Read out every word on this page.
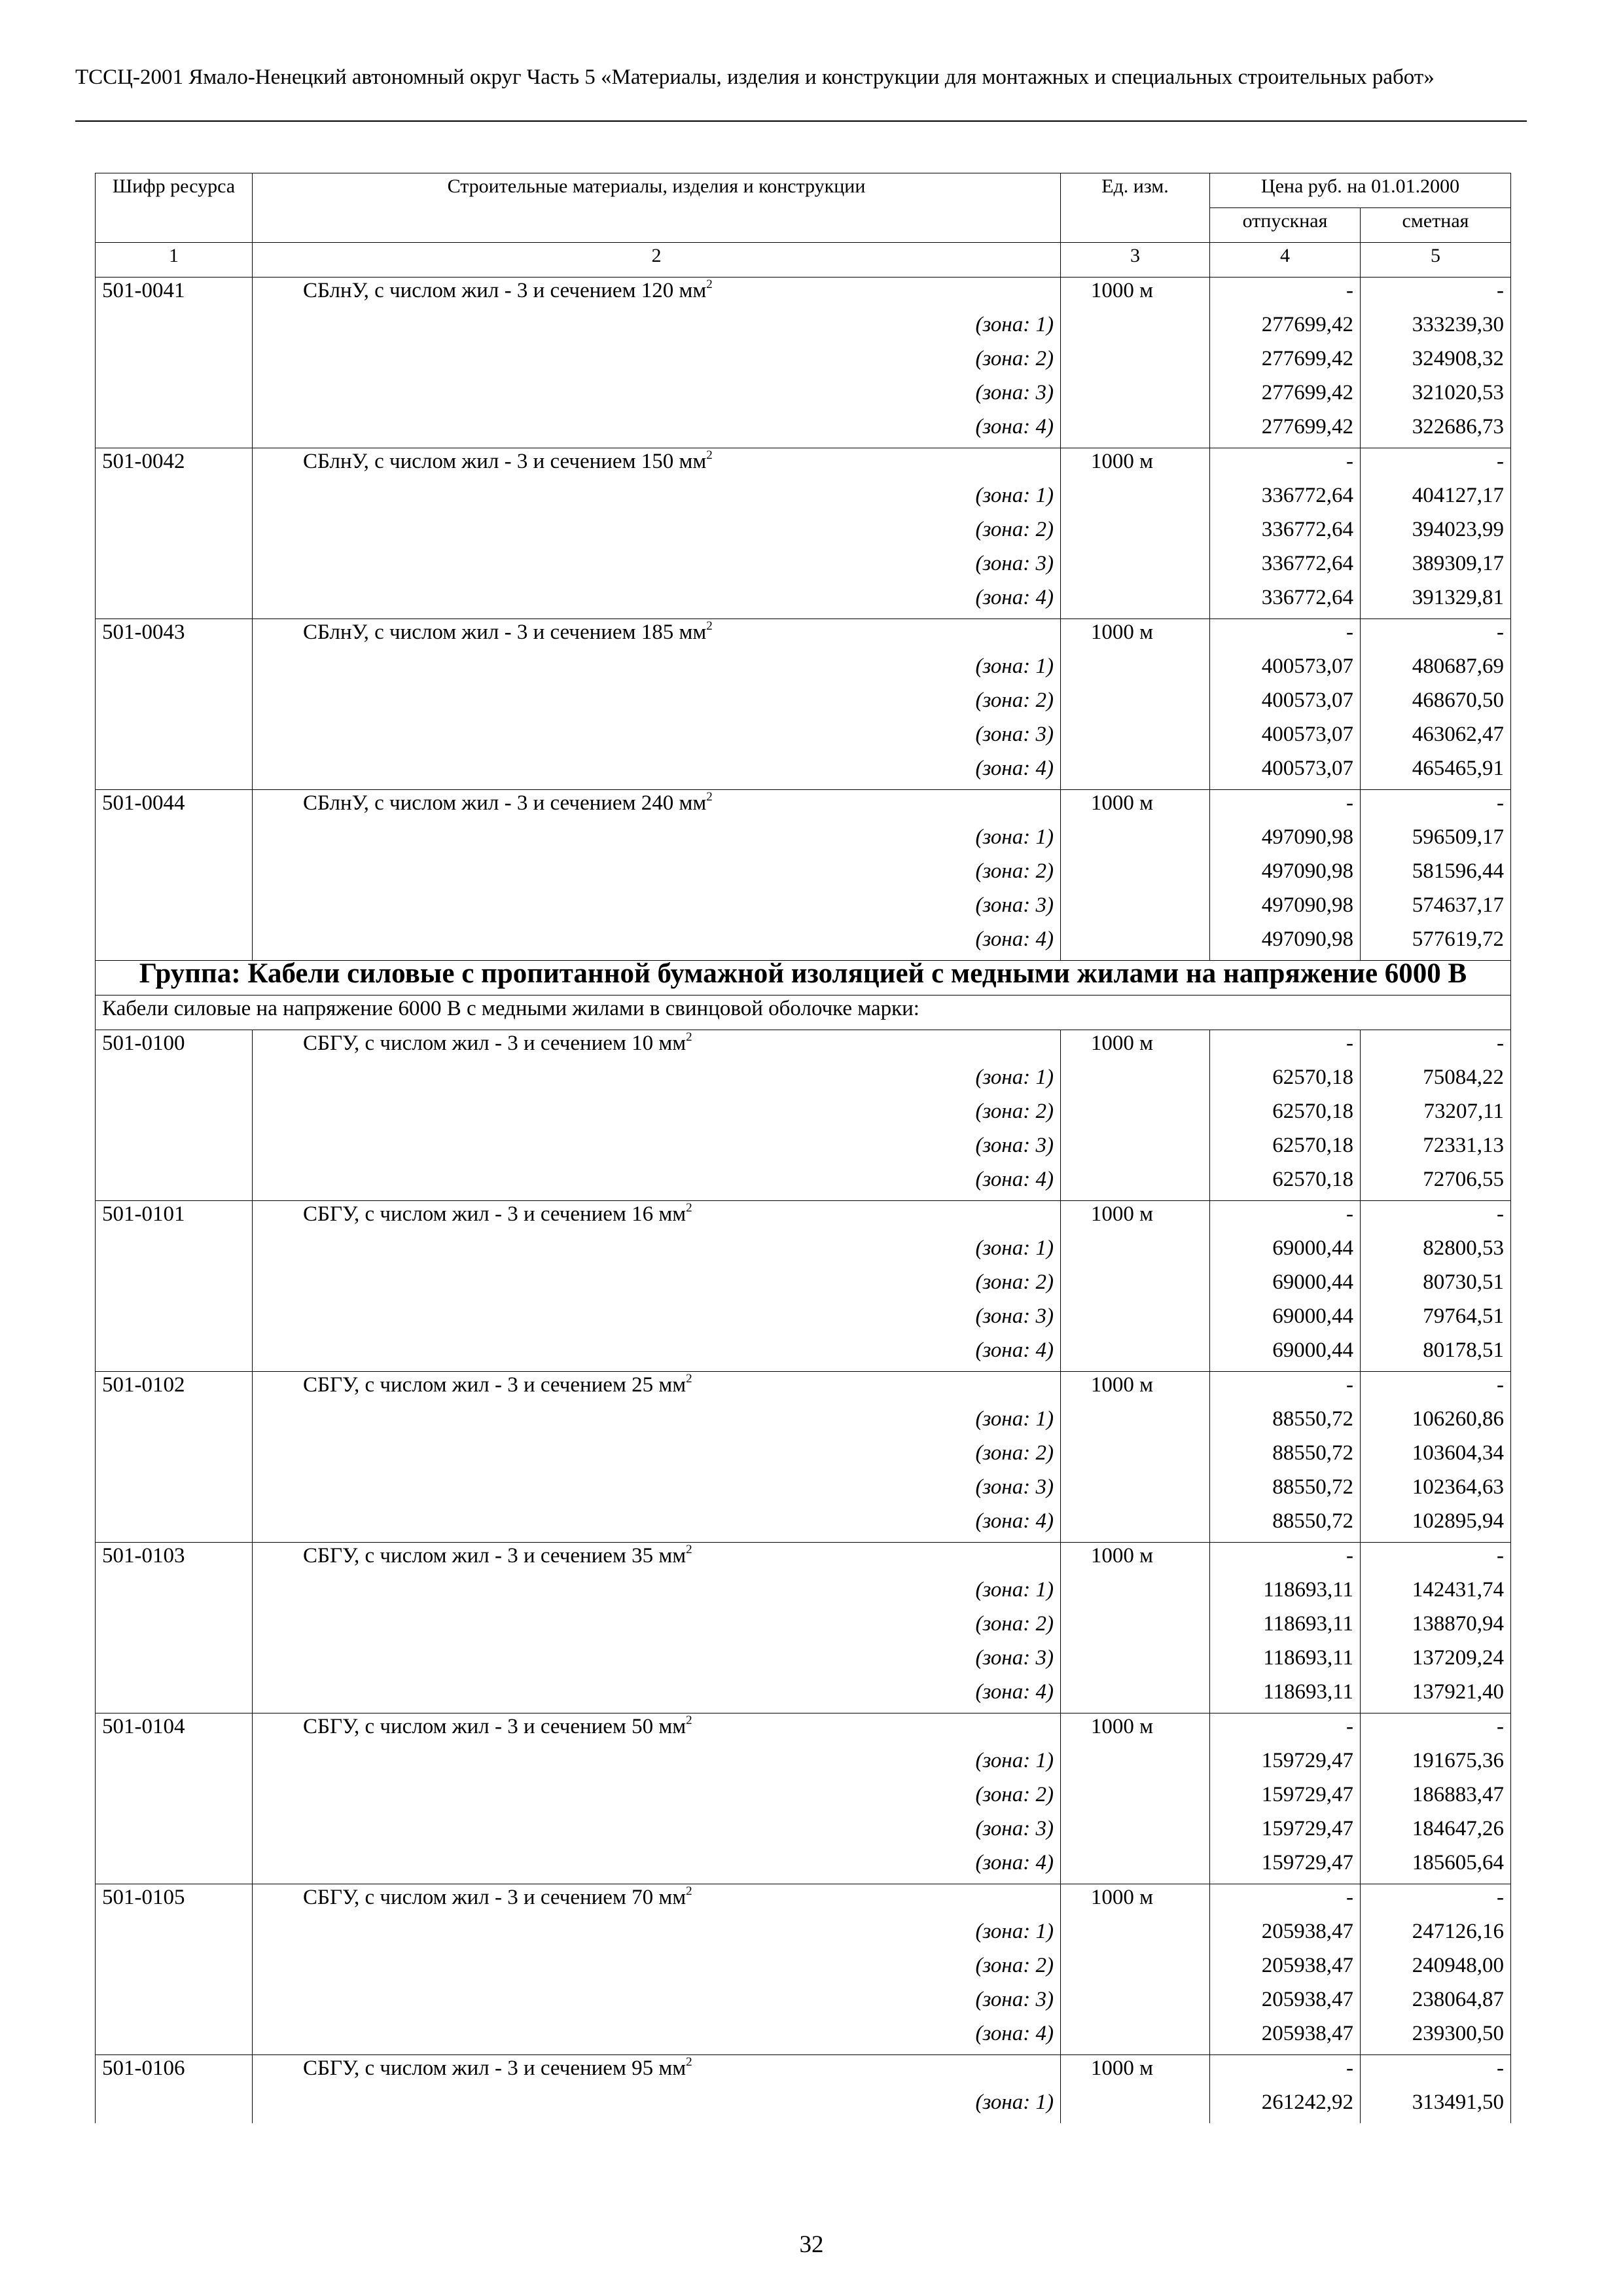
ТССЦ-2001 Ямало-Ненецкий автономный округ Часть 5 «Материалы, изделия и конструкции для монтажных и специальных строительных работ»
Шифр ресурса	Строительные материалы, изделия и конструкции	Ед. изм.	Цена руб. на 01.01.2000	
			отпускная	сметная
1	2	3	4	5
501-0041	СБлнУ, с числом жил - 3 и сечением 120 $мм^2$	1000 м	-	-
	(зона: 1)		277699,42	333239,30
	(зона: 2)		277699,42	324908,32
	(зона: 3)		277699,42	321020,53
	(зона: 4)		277699,42	322686,73
501-0042	СБлнУ, с числом жил - 3 и сечением 150 $мм^2$	1000 м	-	-
	(зона: 1)		336772,64	404127,17
	(зона: 2)		336772,64	394023,99
	(зона: 3)		336772,64	389309,17
	(зона: 4)		336772,64	391329,81
501-0043	СБлнУ, с числом жил - 3 и сечением 185 $мм^2$	1000 м	-	-
	(зона: 1)		400573,07	480687,69
	(зона: 2)		400573,07	468670,50
	(зона: 3)		400573,07	463062,47
	(зона: 4)		400573,07	465465,91
501-0044	СБлнУ, с числом жил - 3 и сечением 240 $мм^2$	1000 м	-	-
	(зона: 1)		497090,98	596509,17
	(зона: 2)		497090,98	581596,44
	(зона: 3)		497090,98	574637,17
	(зона: 4)		497090,98	577619,72
Группа: Кабели силовые с пропитанной бумажной изоляцией с медными жилами на напряжение 6000 В				
Кабели силовые на напряжение 6000 В с медными жилами в свинцовой оболочке марки:				
501-0100	СБГУ, с числом жил - 3 и сечением 10 $мм^2$	1000 м	-	-
	(зона: 1)		62570,18	75084,22
	(зона: 2)		62570,18	73207,11
	(зона: 3)		62570,18	72331,13
	(зона: 4)		62570,18	72706,55
501-0101	СБГУ, с числом жил - 3 и сечением 16 $мм^2$	1000 м	-	-
	(зона: 1)		69000,44	82800,53
	(зона: 2)		69000,44	80730,51
	(зона: 3)		69000,44	79764,51
	(зона: 4)		69000,44	80178,51
501-0102	СБГУ, с числом жил - 3 и сечением 25 $мм^2$	1000 м	-	-
	(зона: 1)		88550,72	106260,86
	(зона: 2)		88550,72	103604,34
	(зона: 3)		88550,72	102364,63
	(зона: 4)		88550,72	102895,94
501-0103	СБГУ, с числом жил - 3 и сечением 35 $мм^2$	1000 м	-	-
	(зона: 1)		118693,11	142431,74
	(зона: 2)		118693,11	138870,94
	(зона: 3)		118693,11	137209,24
	(зона: 4)		118693,11	137921,40
501-0104	СБГУ, с числом жил - 3 и сечением 50 $мм^2$	1000 м	-	-
	(зона: 1)		159729,47	191675,36
	(зона: 2)		159729,47	186883,47
	(зона: 3)		159729,47	184647,26
	(зона: 4)		159729,47	185605,64
501-0105	СБГУ, с числом жил - 3 и сечением 70 $мм^2$	1000 м	-	-
	(зона: 1)		205938,47	247126,16
	(зона: 2)		205938,47	240948,00
	(зона: 3)		205938,47	238064,87
	(зона: 4)		205938,47	239300,50
501-0106	СБГУ, с числом жил - 3 и сечением 95 $мм^2$	1000 м	-	-
	(зона: 1)		261242,92	313491,50
32
